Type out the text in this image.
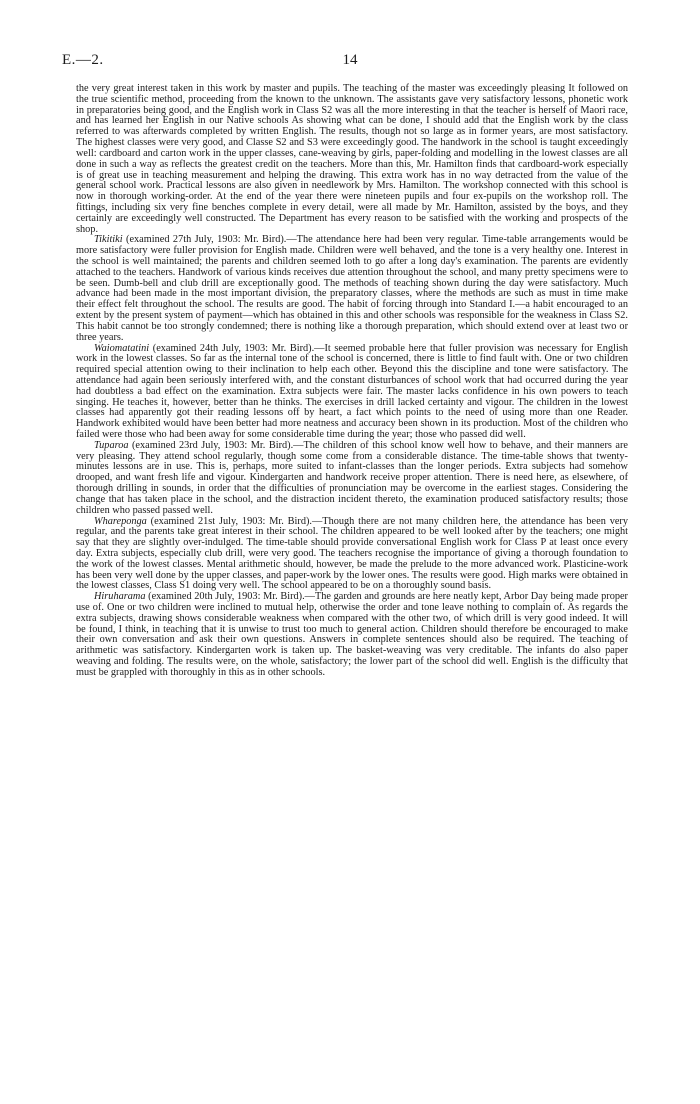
E.—2.	14

the very great interest taken in this work by master and pupils. The teaching of the master was exceedingly pleasing It followed on the true scientific method, proceeding from the known to the unknown. The assistants gave very satisfactory lessons, phonetic work in preparatories being good, and the English work in Class S2 was all the more interesting in that the teacher is herself of Maori race, and has learned her English in our Native schools As showing what can be done, I should add that the English work by the class referred to was afterwards completed by written English. The results, though not so large as in former years, are most satisfactory. The highest classes were very good, and Classe S2 and S3 were exceedingly good. The handwork in the school is taught exceedingly well: cardboard and carton work in the upper classes, cane-weaving by girls, paper-folding and modelling in the lowest classes are all done in such a way as reflects the greatest credit on the teachers. More than this, Mr. Hamilton finds that cardboard-work especially is of great use in teaching measurement and helping the drawing. This extra work has in no way detracted from the value of the general school work. Practical lessons are also given in needlework by Mrs. Hamilton. The workshop connected with this school is now in thorough working-order. At the end of the year there were nineteen pupils and four ex-pupils on the workshop roll. The fittings, including six very fine benches complete in every detail, were all made by Mr. Hamilton, assisted by the boys, and they certainly are exceedingly well constructed. The Department has every reason to be satisfied with the working and prospects of the shop.

Tikitiki (examined 27th July, 1903: Mr. Bird).—The attendance here had been very regular. Time-table arrangements would be more satisfactory were fuller provision for English made. Children were well behaved, and the tone is a very healthy one. Interest in the school is well maintained; the parents and children seemed loth to go after a long day's examination. The parents are evidently attached to the teachers. Handwork of various kinds receives due attention throughout the school, and many pretty specimens were to be seen. Dumb-bell and club drill are exceptionally good. The methods of teaching shown during the day were satisfactory. Much advance had been made in the most important division, the preparatory classes, where the methods are such as must in time make their effect felt throughout the school. The results are good. The habit of forcing through into Standard I.—a habit encouraged to an extent by the present system of payment—which has obtained in this and other schools was responsible for the weakness in Class S2. This habit cannot be too strongly condemned; there is nothing like a thorough preparation, which should extend over at least two or three years.

Waiomatatini (examined 24th July, 1903: Mr. Bird).—It seemed probable here that fuller provision was necessary for English work in the lowest classes. So far as the internal tone of the school is concerned, there is little to find fault with. One or two children required special attention owing to their inclination to help each other. Beyond this the discipline and tone were satisfactory. The attendance had again been seriously interfered with, and the constant disturbances of school work that had occurred during the year had doubtless a bad effect on the examination. Extra subjects were fair. The master lacks confidence in his own powers to teach singing. He teaches it, however, better than he thinks. The exercises in drill lacked certainty and vigour. The children in the lowest classes had apparently got their reading lessons off by heart, a fact which points to the need of using more than one Reader. Handwork exhibited would have been better had more neatness and accuracy been shown in its production. Most of the children who failed were those who had been away for some considerable time during the year; those who passed did well.

Tuparoa (examined 23rd July, 1903: Mr. Bird).—The children of this school know well how to behave, and their manners are very pleasing. They attend school regularly, though some come from a considerable distance. The time-table shows that twenty-minutes lessons are in use. This is, perhaps, more suited to infant-classes than the longer periods. Extra subjects had somehow drooped, and want fresh life and vigour. Kindergarten and handwork receive proper attention. There is need here, as elsewhere, of thorough drilling in sounds, in order that the difficulties of pronunciation may be overcome in the earliest stages. Considering the change that has taken place in the school, and the distraction incident thereto, the examination produced satisfactory results; those children who passed passed well.

Whareponga (examined 21st July, 1903: Mr. Bird).—Though there are not many children here, the attendance has been very regular, and the parents take great interest in their school. The children appeared to be well looked after by the teachers; one might say that they are slightly over-indulged. The time-table should provide conversational English work for Class P at least once every day. Extra subjects, especially club drill, were very good. The teachers recognise the importance of giving a thorough foundation to the work of the lowest classes. Mental arithmetic should, however, be made the prelude to the more advanced work. Plasticine-work has been very well done by the upper classes, and paper-work by the lower ones. The results were good. High marks were obtained in the lowest classes, Class S1 doing very well. The school appeared to be on a thoroughly sound basis.

Hiruharama (examined 20th July, 1903: Mr. Bird).—The garden and grounds are here neatly kept, Arbor Day being made proper use of. One or two children were inclined to mutual help, otherwise the order and tone leave nothing to complain of. As regards the extra subjects, drawing shows considerable weakness when compared with the other two, of which drill is very good indeed. It will be found, I think, in teaching that it is unwise to trust too much to general action. Children should therefore be encouraged to make their own conversation and ask their own questions. Answers in complete sentences should also be required. The teaching of arithmetic was satisfactory. Kindergarten work is taken up. The basket-weaving was very creditable. The infants do also paper weaving and folding. The results were, on the whole, satisfactory; the lower part of the school did well. English is the difficulty that must be grappled with thoroughly in this as in other schools.
